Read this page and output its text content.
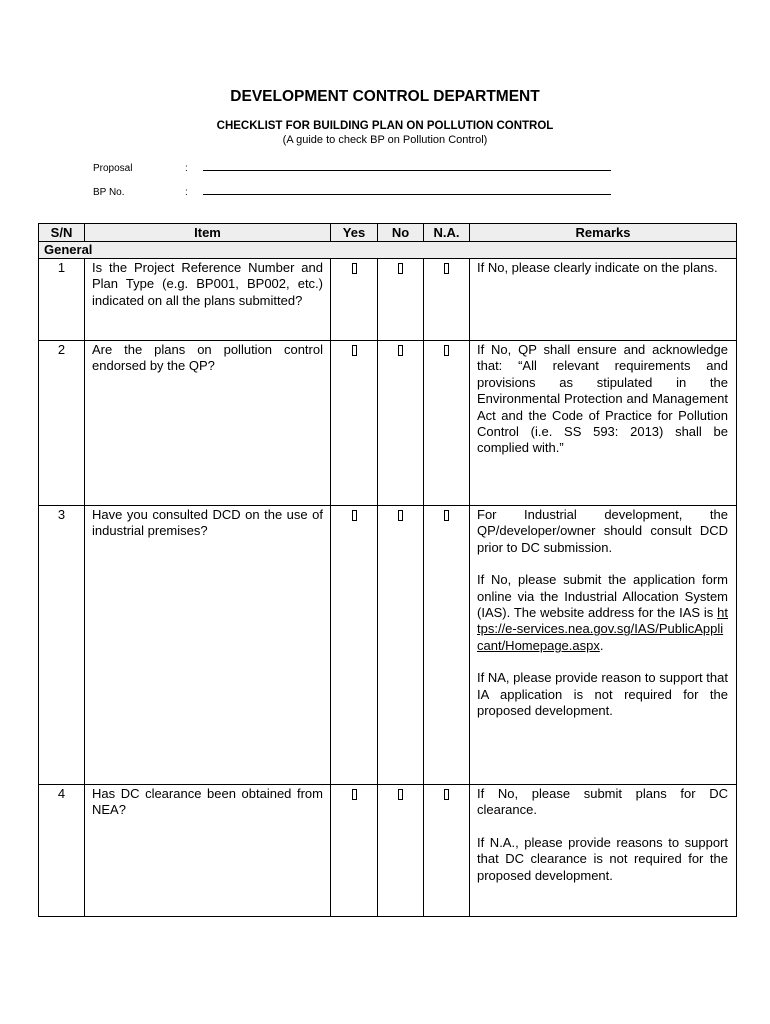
DEVELOPMENT CONTROL DEPARTMENT
CHECKLIST FOR BUILDING PLAN ON POLLUTION CONTROL
(A guide to check BP on Pollution Control)
Proposal	:
BP No.	:
S/N	Item	Yes	No	N.A.	Remarks
General					
1	Is the Project Reference Number and Plan Type (e.g. BP001, BP002, etc.) indicated on all the plans submitted?				If No, please clearly indicate on the plans.

2	Are the plans on pollution control endorsed by the QP?				If No, QP shall ensure and acknowledge that: “All relevant requirements and provisions as stipulated in the Environmental Protection and Management Act and the Code of Practice for Pollution Control (i.e. SS 593: 2013) shall be complied with.”

3	Have you consulted DCD on the use of industrial premises?				For Industrial development, the QP/developer/owner should consult DCD prior to DC submission.

If No, please submit the application form online via the Industrial Allocation System (IAS). The website address for the IAS is https://e-services.nea.gov.sg/IAS/PublicApplicant/Homepage.aspx.

If NA, please provide reason to support that IA application is not required for the proposed development.

4	Has DC clearance been obtained from NEA?				If No, please submit plans for DC clearance.

If N.A., please provide reasons to support that DC clearance is not required for the proposed development.
